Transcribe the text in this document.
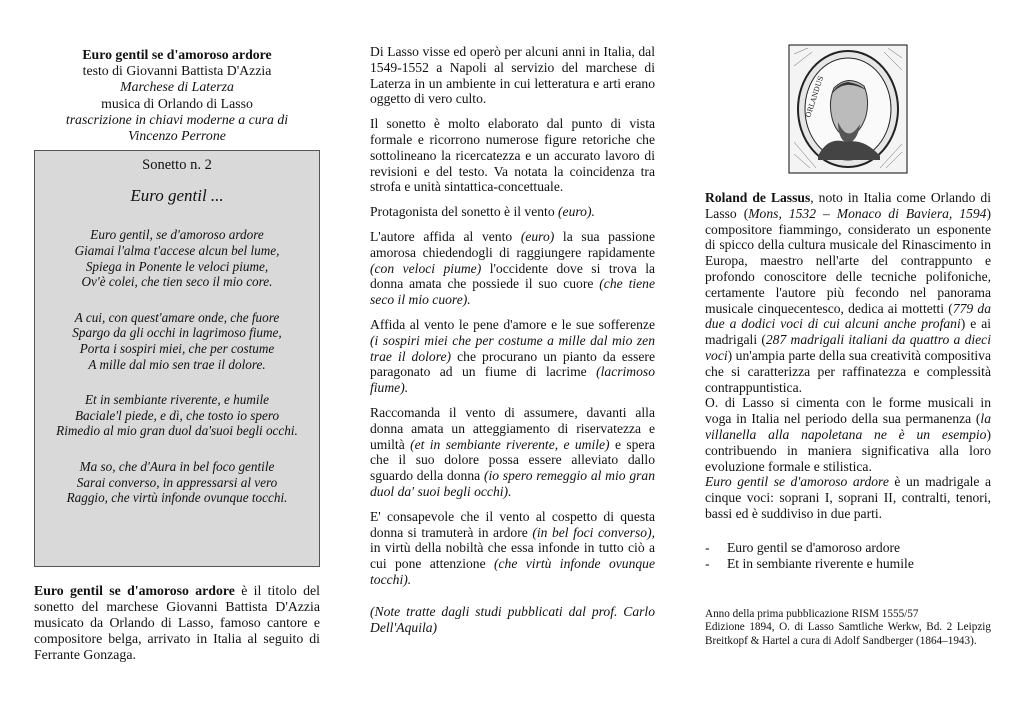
Euro gentil se d'amoroso ardore
testo di Giovanni Battista D'Azzia
Marchese di Laterza
musica di Orlando di Lasso
trascrizione in chiavi moderne a cura di
Vincenzo Perrone
Sonetto n. 2
Euro gentil ...
Euro gentil, se d'amoroso ardore
Giamai l'alma t'accese alcun bel lume,
Spiega in Ponente le veloci piume,
Ov'è colei, che tien seco il mio core.
A cui, con quest'amare onde, che fuore
Spargo da gli occhi in lagrimoso fiume,
Porta i sospiri miei, che per costume
A mille dal mio sen trae il dolore.
Et in sembiante riverente, e humile
Baciale'l piede, e dì, che tosto io spero
Rimedio al mio gran duol da'suoi begli occhi.
Ma so, che d'Aura in bel foco gentile
Sarai converso, in appressarsi al vero
Raggio, che virtù infonde ovunque tocchi.
Euro gentil se d'amoroso ardore è il titolo del sonetto del marchese Giovanni Battista D'Azzia musicato da Orlando di Lasso, famoso cantore e compositore belga, arrivato in Italia al seguito di Ferrante Gonzaga.

Di Lasso visse ed operò per alcuni anni in Italia, dal 1549-1552 a Napoli al servizio del marchese di Laterza in un ambiente in cui letteratura e arti erano oggetto di vero culto.

Il sonetto è molto elaborato dal punto di vista formale e ricorrono numerose figure retoriche che sottolineano la ricercatezza e un accurato lavoro di revisioni e del testo. Va notata la coincidenza tra strofa e unità sintattica-concettuale.

Protagonista del sonetto è il vento (euro).

L'autore affida al vento (euro) la sua passione amorosa chiedendogli di raggiungere rapidamente (con veloci piume) l'occidente dove si trova la donna amata che possiede il suo cuore (che tiene seco il mio cuore).

Affida al vento le pene d'amore e le sue sofferenze (i sospiri miei che per costume a mille dal mio zen trae il dolore) che procurano un pianto da essere paragonato ad un fiume di lacrime (lacrimoso fiume).

Raccomanda il vento di assumere, davanti alla donna amata un atteggiamento di riservatezza e umiltà (et in sembiante riverente, e umile) e spera che il suo dolore possa essere alleviato dallo sguardo della donna (io spero remeggio al mio gran duol da' suoi begli occhi).

E' consapevole che il vento al cospetto di questa donna si tramuterà in ardore (in bel foci converso), in virtù della nobiltà che essa infonde in tutto ciò a cui pone attenzione (che virtù infonde ovunque tocchi).

(Note tratte dagli studi pubblicati dal prof. Carlo Dell'Aquila)

ORLANDUS

Roland de Lassus, noto in Italia come Orlando di Lasso (Mons, 1532 – Monaco di Baviera, 1594) compositore fiammingo, considerato un esponente di spicco della cultura musicale del Rinascimento in Europa, maestro nell'arte del contrappunto e profondo conoscitore delle tecniche polifoniche, certamente l'autore più fecondo nel panorama musicale cinquecentesco, dedica ai mottetti (779 da due a dodici voci di cui alcuni anche profani) e ai madrigali (287 madrigali italiani da quattro a dieci voci) un'ampia parte della sua creatività compositiva che si caratterizza per raffinatezza e complessità contrappuntistica.

O. di Lasso si cimenta con le forme musicali in voga in Italia nel periodo della sua permanenza (la villanella alla napoletana ne è un esempio) contribuendo in maniera significativa alla loro evoluzione formale e stilistica.

Euro gentil se d'amoroso ardore è un madrigale a cinque voci: soprani I, soprani II, contralti, tenori, bassi ed è suddiviso in due parti.

- Euro gentil se d'amoroso ardore
- Et in sembiante riverente e humile
Anno della prima pubblicazione RISM 1555/57
Edizione 1894, O. di Lasso Samtliche Werkw, Bd. 2 Leipzig Breitkopf & Hartel a cura di Adolf Sandberger (1864–1943).
